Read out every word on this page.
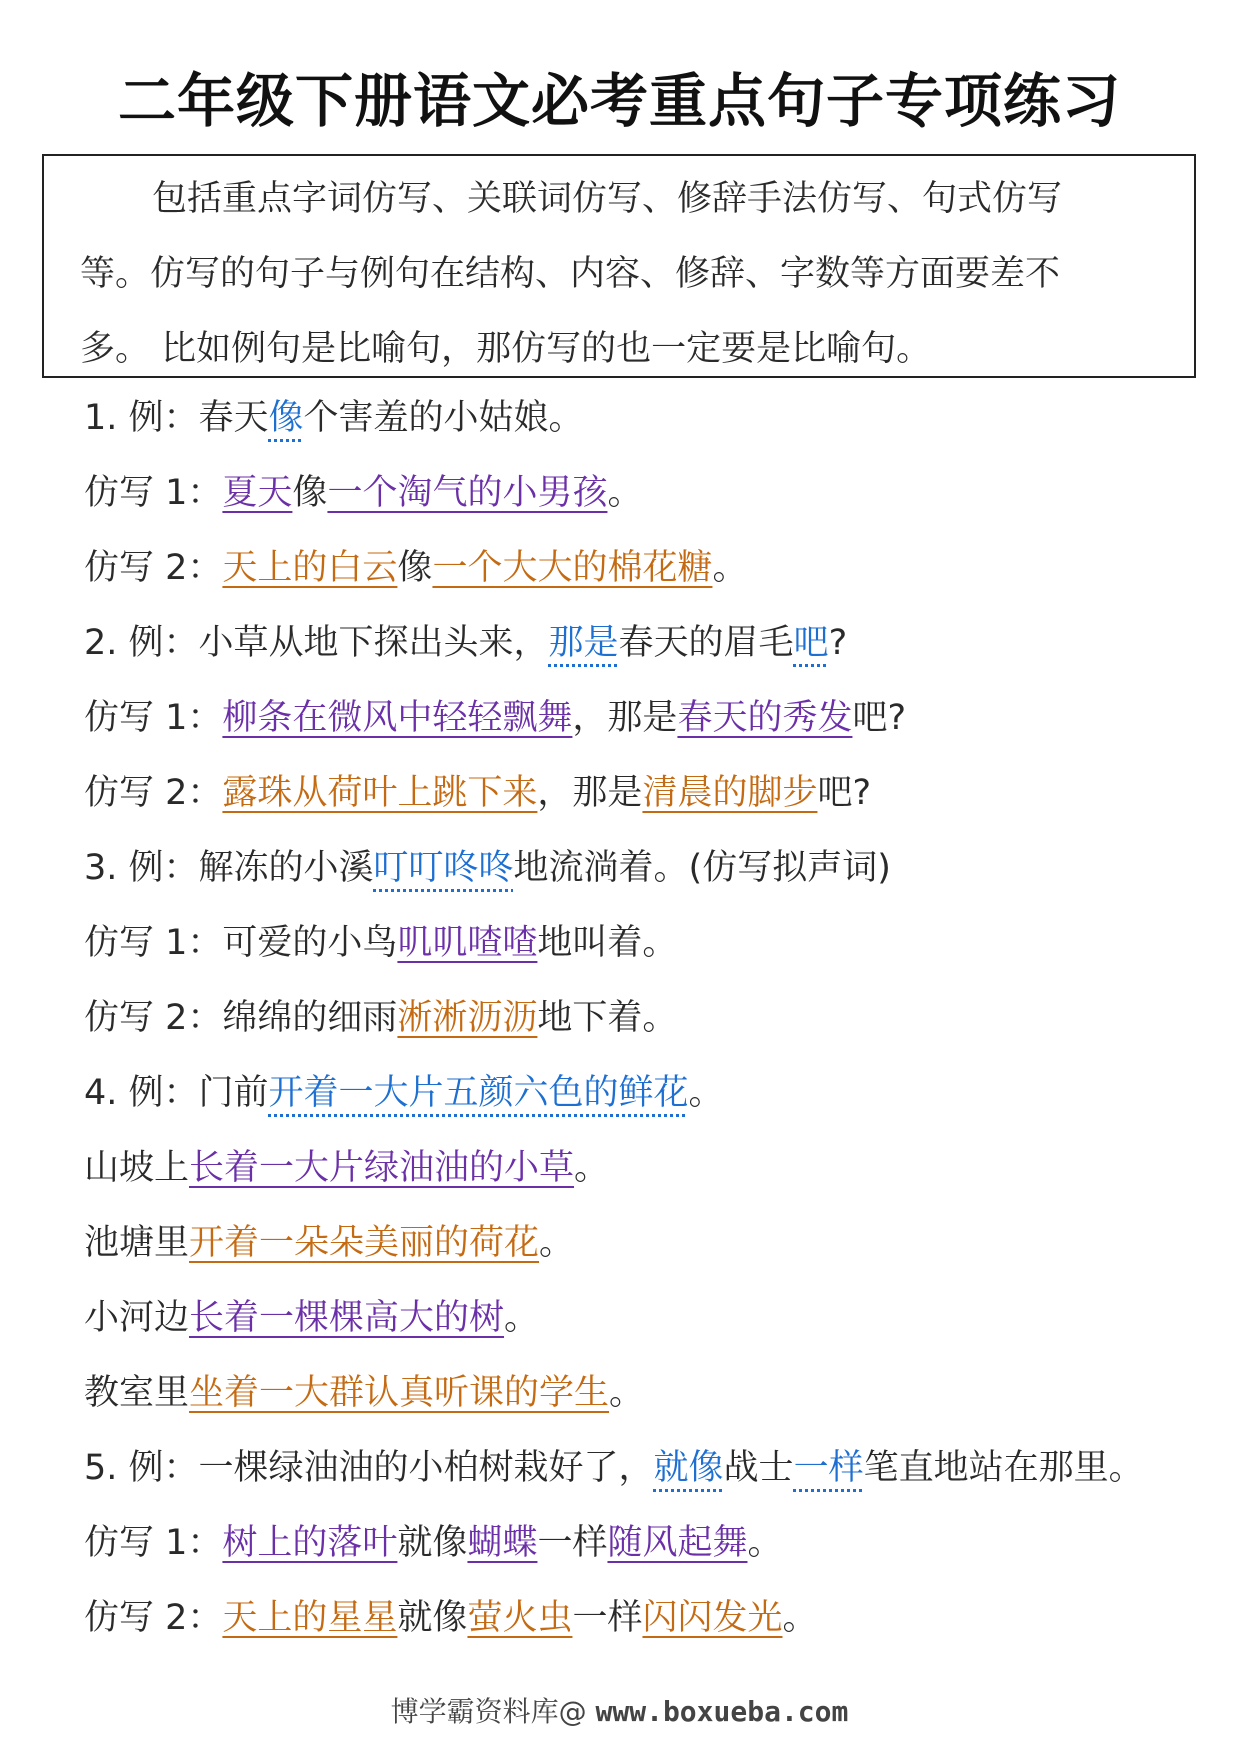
二年级下册语文必考重点句子专项练习

包括重点字词仿写、关联词仿写、修辞手法仿写、句式仿写

等。仿写的句子与例句在结构、内容、修辞、字数等方面要差不

多。 比如例句是比喻句，那仿写的也一定要是比喻句。

1. 例：春天像个害羞的小姑娘。
仿写 1：夏天像一个淘气的小男孩。
仿写 2：天上的白云像一个大大的棉花糖。
2. 例：小草从地下探出头来，那是春天的眉毛吧?
仿写 1：柳条在微风中轻轻飘舞，那是春天的秀发吧?
仿写 2：露珠从荷叶上跳下来，那是清晨的脚步吧?
3. 例：解冻的小溪叮叮咚咚地流淌着。(仿写拟声词)
仿写 1：可爱的小鸟叽叽喳喳地叫着。
仿写 2：绵绵的细雨淅淅沥沥地下着。
4. 例：门前开着一大片五颜六色的鲜花。
山坡上长着一大片绿油油的小草。
池塘里开着一朵朵美丽的荷花。
小河边长着一棵棵高大的树。
教室里坐着一大群认真听课的学生。
5. 例：一棵绿油油的小柏树栽好了，就像战士一样笔直地站在那里。
仿写 1：树上的落叶就像蝴蝶一样随风起舞。
仿写 2：天上的星星就像萤火虫一样闪闪发光。
博学霸资料库@ www.boxueba.com
